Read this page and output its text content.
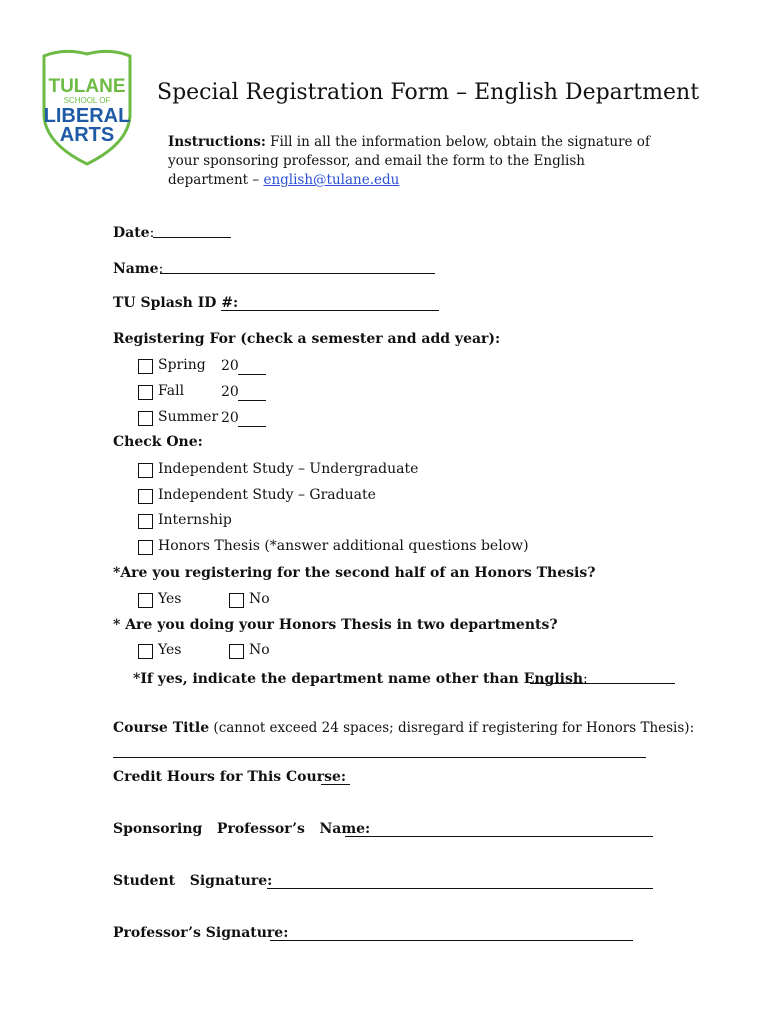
TULANE
SCHOOL OF
LIBERAL
ARTS
Special Registration Form – English Department
Instructions: Fill in all the information below, obtain the signature of your sponsoring professor, and email the form to the English department – english@tulane.edu
Date:
Name:
TU Splash ID #:
Registering For (check a semester and add year):
Spring 20
Fall	20
Summer 20
Check One:
Independent Study – Undergraduate
Independent Study – Graduate
Internship
Honors Thesis (*answer additional questions below)
*Are you registering for the second half of an Honors Thesis?
Yes	No
* Are you doing your Honors Thesis in two departments?
Yes	No
*If yes, indicate the department name other than English:
Course Title (cannot exceed 24 spaces; disregard if registering for Honors Thesis):
Credit Hours for This Course:
Sponsoring   Professor’s   Name:
Student   Signature:
Professor’s Signature:
